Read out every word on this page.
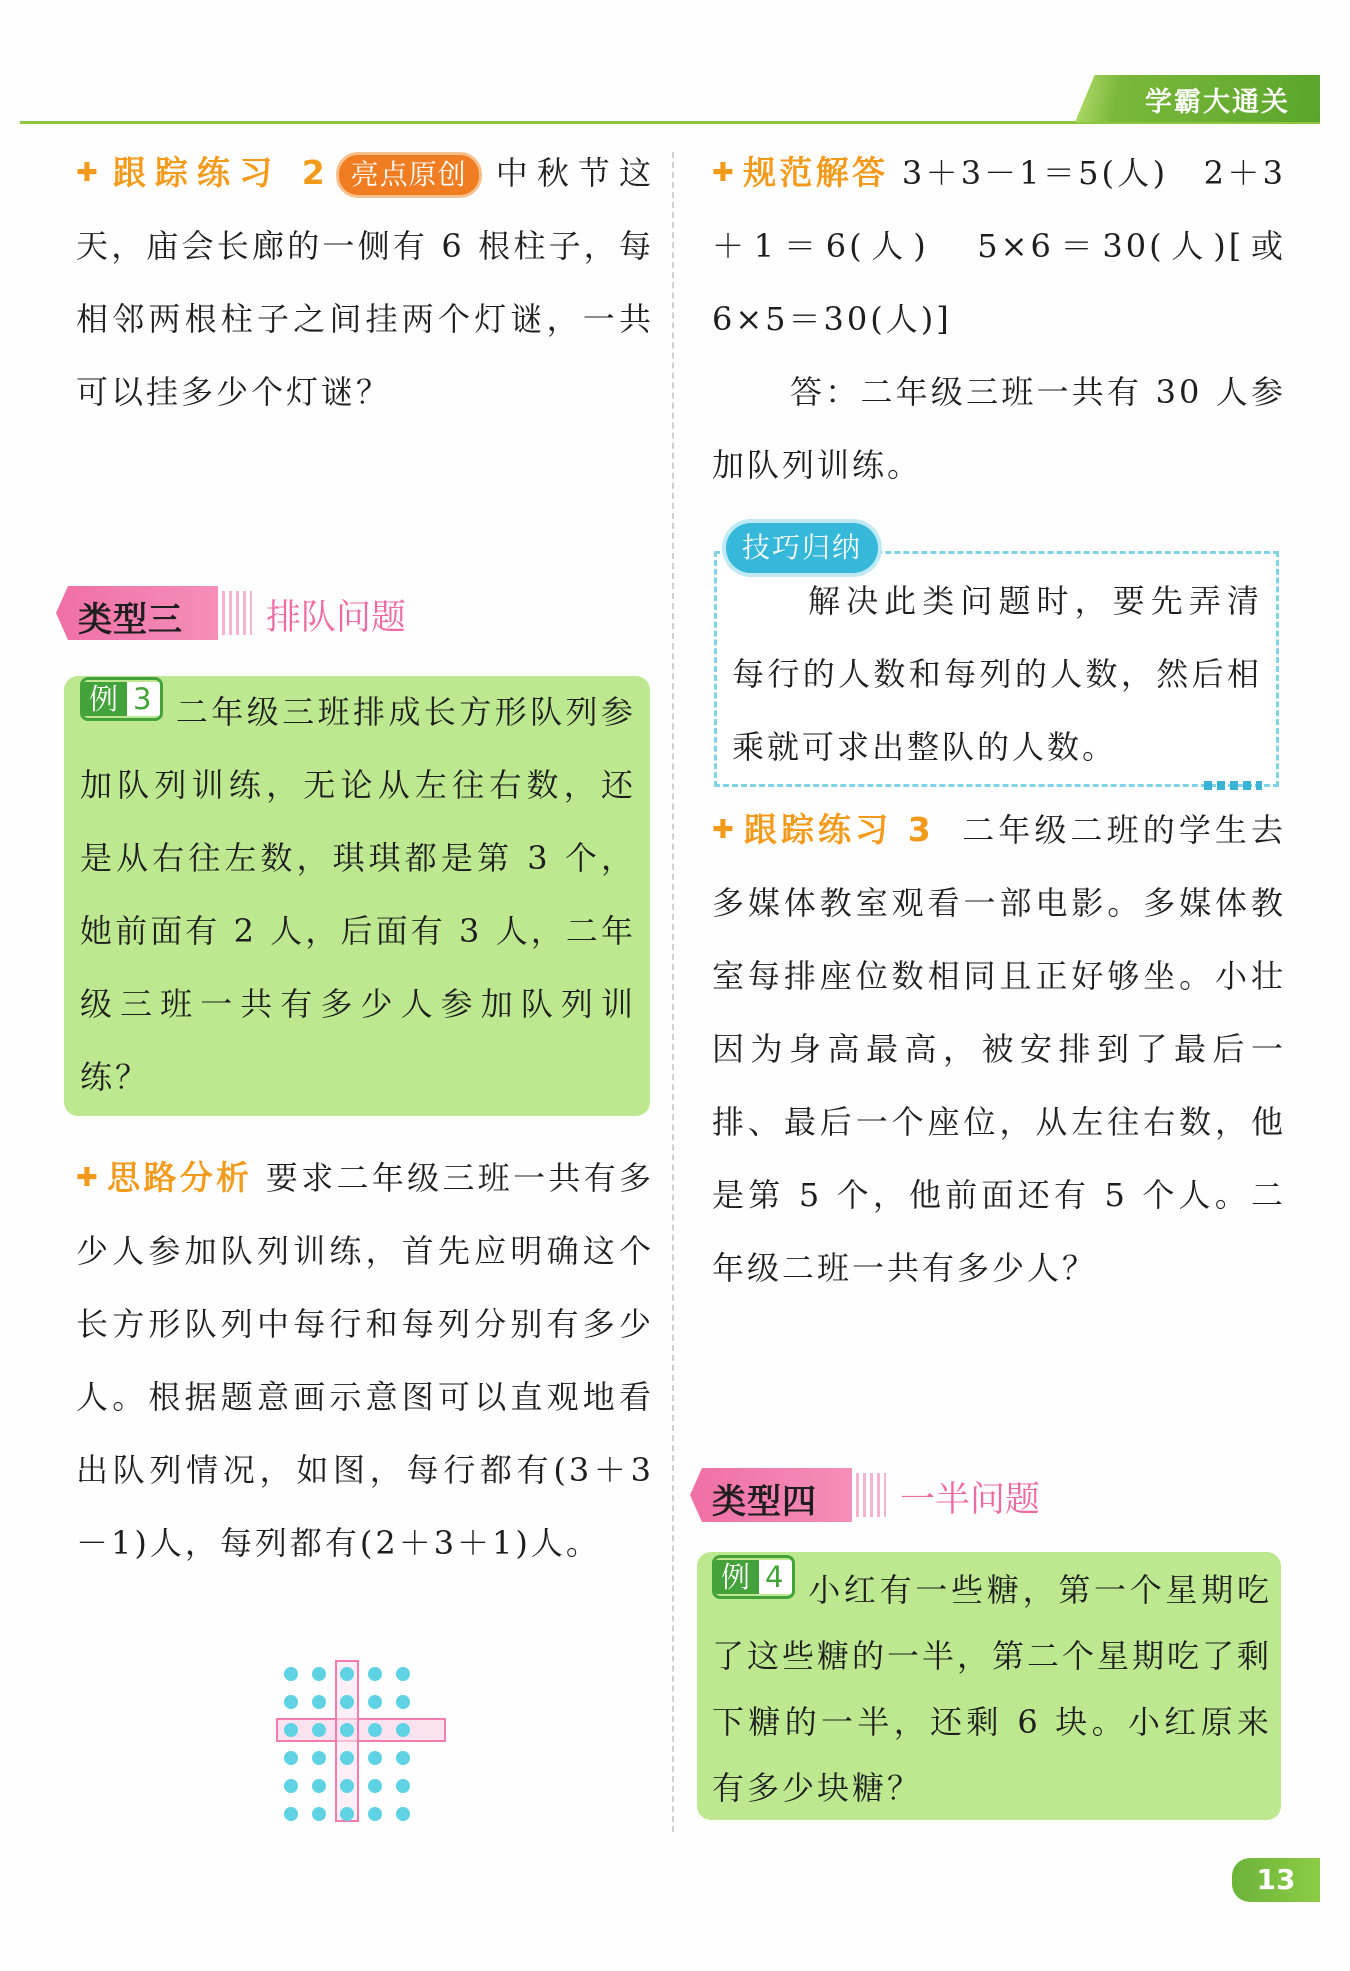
学霸大通关
✚ 跟踪练习 2 亮点原创 中秋节这天，庙会长廊的一侧有 6 根柱子，每相邻两根柱子之间挂两个灯谜，一共可以挂多少个灯谜？
类型三 排队问题
例 3 二年级三班排成长方形队列参加队列训练，无论从左往右数，还是从右往左数，琪琪都是第 3 个，她前面有 2 人，后面有 3 人，二年级三班一共有多少人参加队列训练？
✚ 思路分析 要求二年级三班一共有多少人参加队列训练，首先应明确这个长方形队列中每行和每列分别有多少人。根据题意画示意图可以直观地看出队列情况，如图，每行都有(3＋3－1)人，每列都有(2＋3＋1)人。
✚ 规范解答 3＋3－1＝5(人)　2＋3＋1＝6(人)　5×6＝30(人)[或 6×5＝30(人)]
答：二年级三班一共有 30 人参加队列训练。
技巧归纳
解决此类问题时，要先弄清每行的人数和每列的人数，然后相乘就可求出整队的人数。
✚ 跟踪练习 3 二年级二班的学生去多媒体教室观看一部电影。多媒体教室每排座位数相同且正好够坐。小壮因为身高最高，被安排到了最后一排、最后一个座位，从左往右数，他是第 5 个，他前面还有 5 个人。二年级二班一共有多少人？
类型四 一半问题
例 4 小红有一些糖，第一个星期吃了这些糖的一半，第二个星期吃了剩下糖的一半，还剩 6 块。小红原来有多少块糖？
13
